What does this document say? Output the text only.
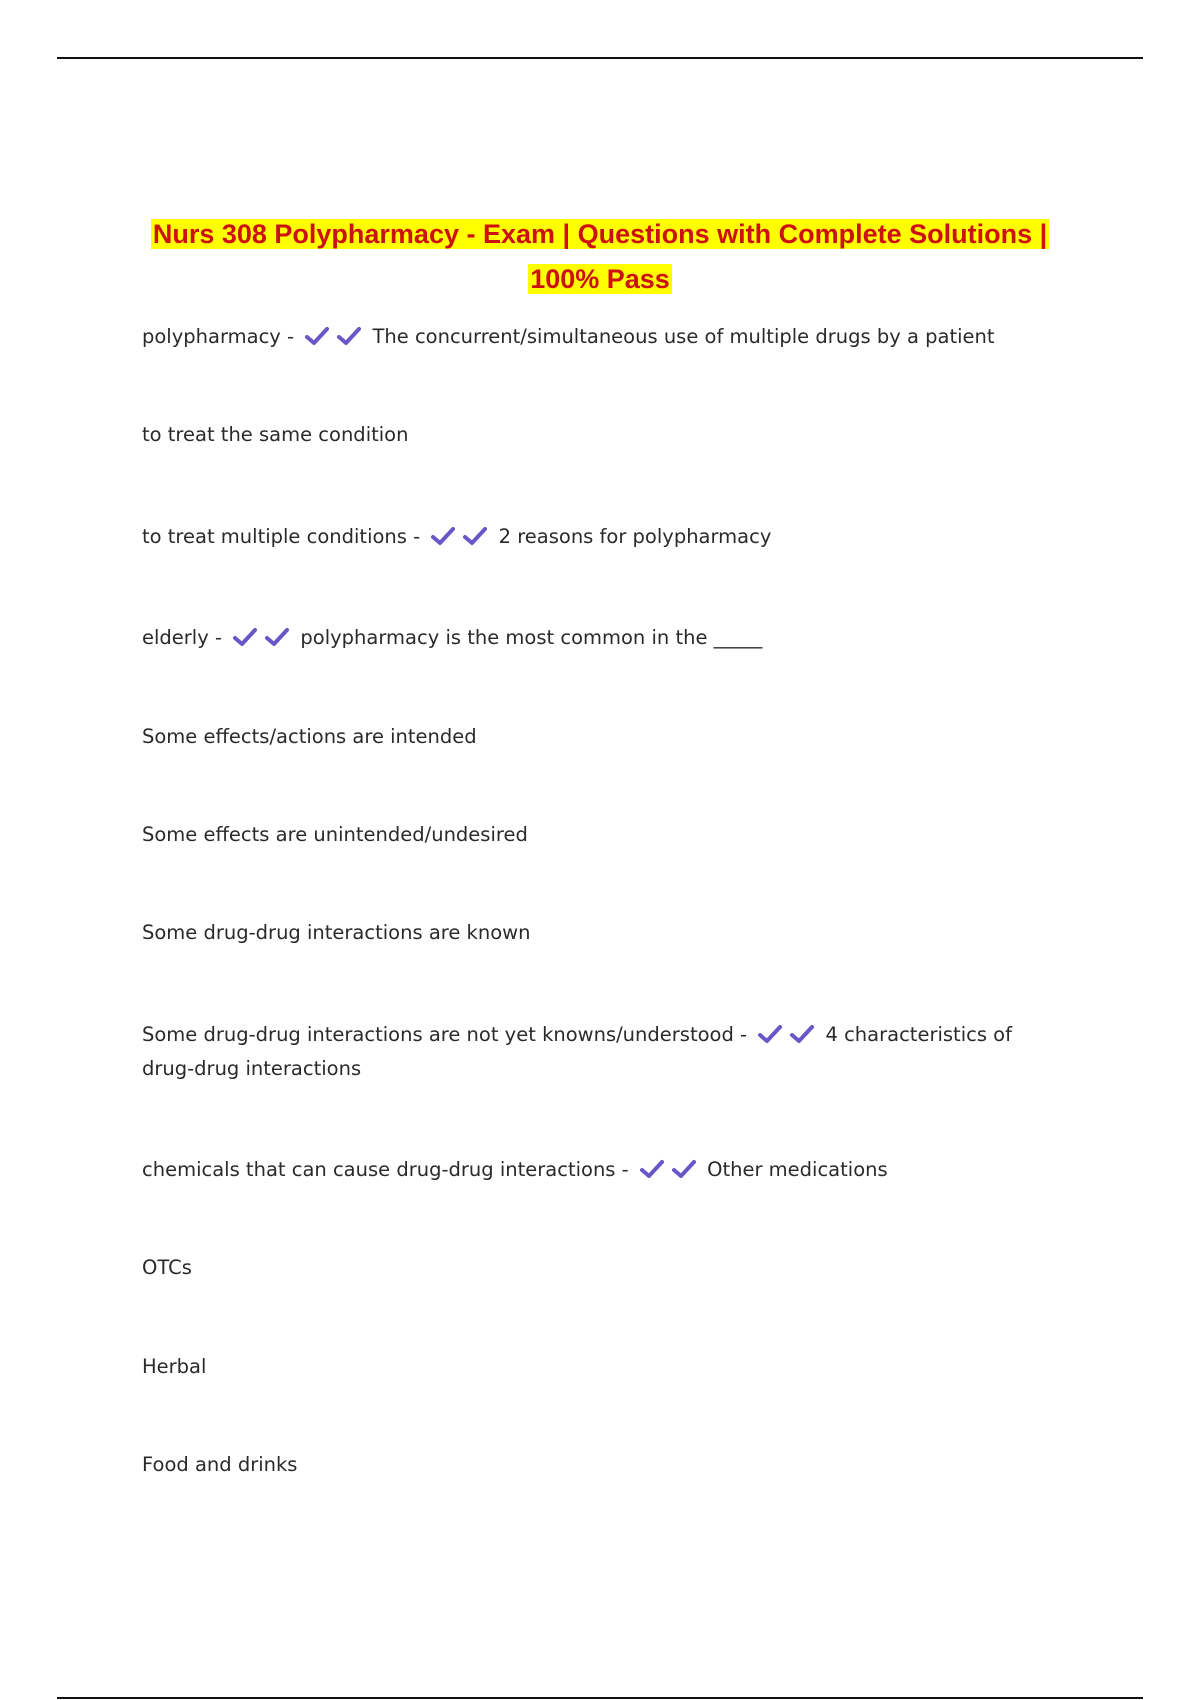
Nurs 308 Polypharmacy - Exam | Questions with Complete Solutions |
100% Pass
polypharmacy -	The concurrent/simultaneous use of multiple drugs by a patient
to treat the same condition
to treat multiple conditions -	2 reasons for polypharmacy
elderly -	polypharmacy is the most common in the _____
Some effects/actions are intended
Some effects are unintended/undesired
Some drug-drug interactions are known
Some drug-drug interactions are not yet knowns/understood -	4 characteristics of drug-drug interactions
chemicals that can cause drug-drug interactions -	Other medications
OTCs
Herbal
Food and drinks
